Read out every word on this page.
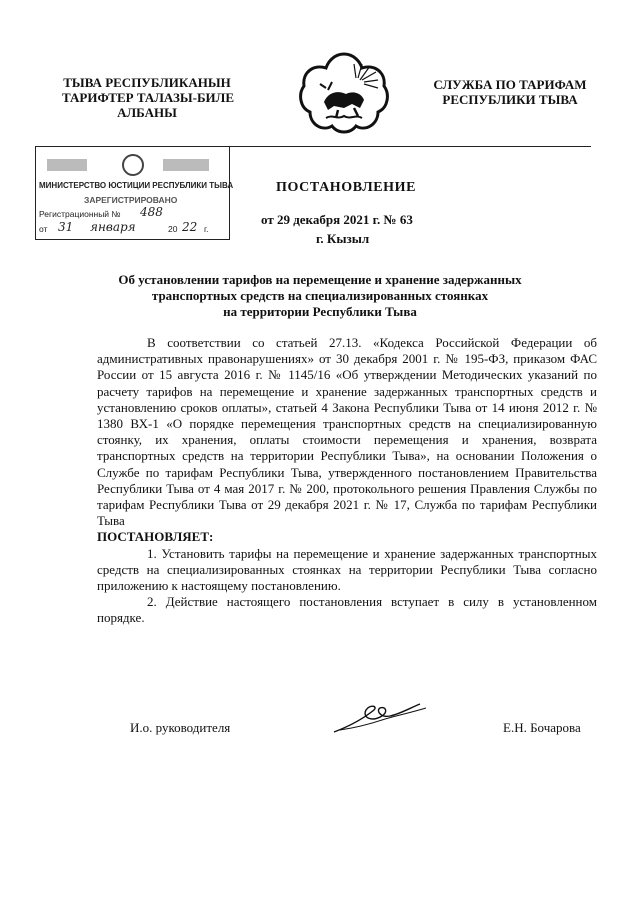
ТЫВА РЕСПУБЛИКАНЫН
ТАРИФТЕР ТАЛАЗЫ-БИЛЕ
АЛБАНЫ
СЛУЖБА ПО ТАРИФАМ
РЕСПУБЛИКИ ТЫВА
МИНИСТЕРСТВО ЮСТИЦИИ РЕСПУБЛИКИ ТЫВА
ЗАРЕГИСТРИРОВАНО
Регистрационный № 488
от 31 января	20 22 г.
ПОСТАНОВЛЕНИЕ
от 29 декабря 2021 г. № 63
г. Кызыл
Об установлении тарифов на перемещение и хранение задержанных
транспортных средств на специализированных стоянках
на территории Республики Тыва

В соответствии со статьей 27.13. «Кодекса Российской Федерации об административных правонарушениях» от 30 декабря 2001 г. № 195-ФЗ, приказом ФАС России от 15 августа 2016 г. № 1145/16 «Об утверждении Методических указаний по расчету тарифов на перемещение и хранение задержанных транспортных средств и установлению сроков оплаты», статьей 4 Закона Республики Тыва от 14 июня 2012 г. № 1380 ВХ-1 «О порядке перемещения транспортных средств на специализированную стоянку, их хранения, оплаты стоимости перемещения и хранения, возврата транспортных средств на территории Республики Тыва», на основании Положения о Службе по тарифам Республики Тыва, утвержденного постановлением Правительства Республики Тыва от 4 мая 2017 г. № 200, протокольного решения Правления Службы по тарифам Республики Тыва от 29 декабря 2021 г. № 17, Служба по тарифам Республики Тыва

ПОСТАНОВЛЯЕТ:

1. Установить тарифы на перемещение и хранение задержанных транспортных средств на специализированных стоянках на территории Республики Тыва согласно приложению к настоящему постановлению.

2. Действие настоящего постановления вступает в силу в установленном порядке.

И.о. руководителя	Е.Н. Бочарова
